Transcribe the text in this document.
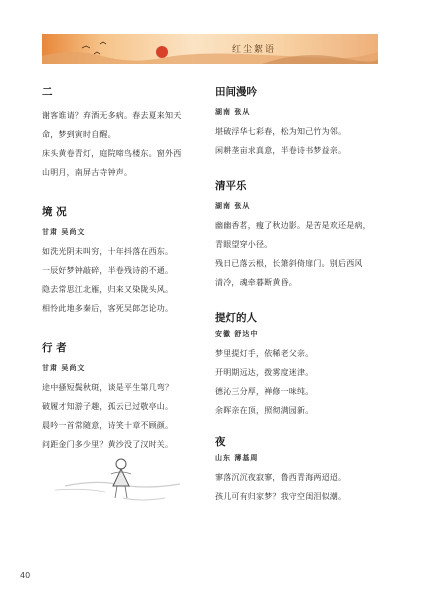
红尘絮语
二

谢客谁请？弃酒无多病。春去夏来知天

命，梦到寅时自醒。

床头黄卷青灯，庭院啼鸟楼东。窗外西

山明月，南屏古寺钟声。

境 况
甘肃 吴尚文

如洗光阴未叫穷，十年抖落在西东。

一辰好梦钟敲碎，半卷残诗韵不通。

隐去常思江北雁，归来又染陇头风。

相怜此地多秦后，客死吴郎怎论功。

行 者
甘肃 吴尚文

途中搔短鬓秋斑，谈是平生第几弯？

破履才知游子趣，孤云已过敬亭山。

晨吟一首常随意，诗笑十章不顾颜。

问距金门多少里？黄沙没了汉时关。

田间漫吟
湖南 张从

堪破浮华七彩春，松为知己竹为邻。

闲耕垄亩求真意，半卷诗书梦益亲。

清平乐
湖南 张从

幽幽香茗，瘦了秋边影。是苦是欢还是病，

青眼望穿小径。

残日已落云根，长箫斜倚扉门。别后西风

清冷，魂牵暮断黄昏。

提灯的人
安徽 舒达中

梦里提灯手，依稀老父亲。

开明期远达，拨雾度迷津。

德沁三分厚，禅修一味纯。

余晖亲在顶，照彻满园新。

夜
山东 薄基周

寥落沉沉夜寂寥，鲁西青海两迢迢。

孩儿可有归家梦？我守空闺泪似潮。

40
